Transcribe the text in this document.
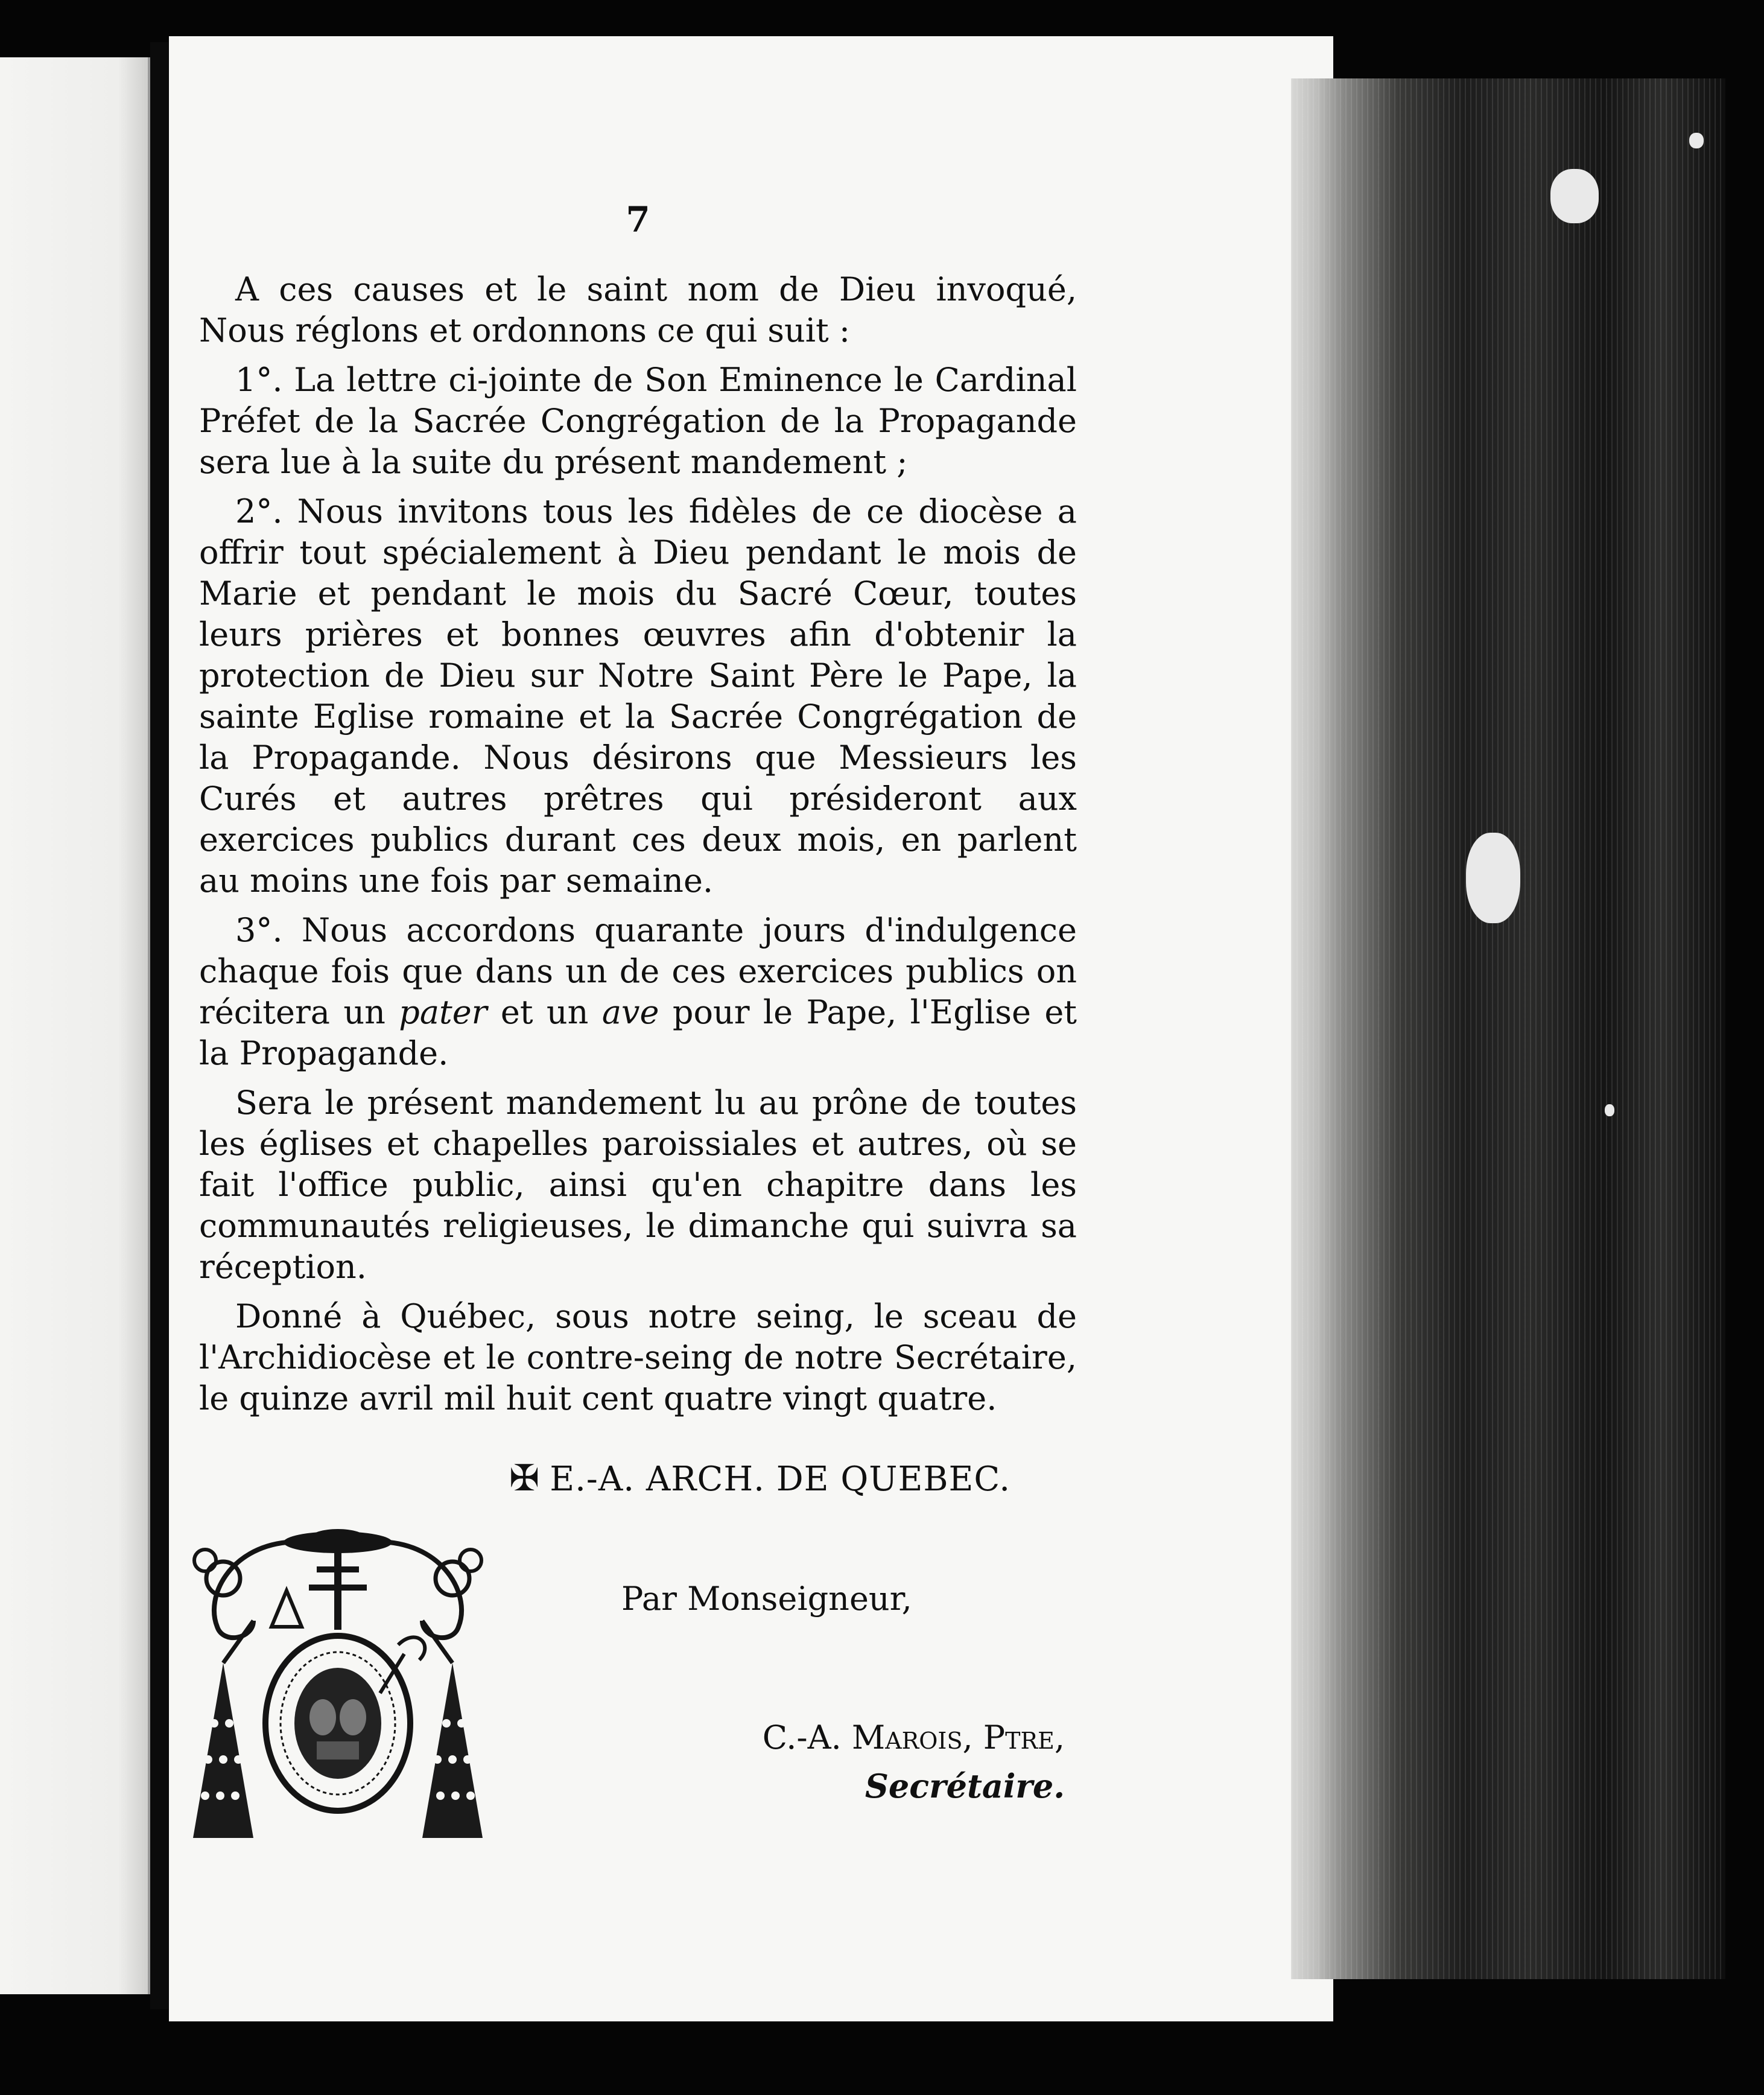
7

A ces causes et le saint nom de Dieu invoqué, Nous réglons et ordonnons ce qui suit :

1°. La lettre ci-jointe de Son Eminence le Cardinal Préfet de la Sacrée Congrégation de la Propagande sera lue à la suite du présent mandement ;

2°. Nous invitons tous les fidèles de ce diocèse a offrir tout spécialement à Dieu pendant le mois de Marie et pendant le mois du Sacré Cœur, toutes leurs prières et bonnes œuvres afin d'obtenir la protection de Dieu sur Notre Saint Père le Pape, la sainte Eglise romaine et la Sacrée Congrégation de la Propagande. Nous désirons que Messieurs les Curés et autres prêtres qui présideront aux exercices publics durant ces deux mois, en parlent au moins une fois par semaine.

3°. Nous accordons quarante jours d'indulgence chaque fois que dans un de ces exercices publics on récitera un pater et un ave pour le Pape, l'Eglise et la Propagande.

Sera le présent mandement lu au prône de toutes les églises et chapelles paroissiales et autres, où se fait l'office public, ainsi qu'en chapitre dans les communautés religieuses, le dimanche qui suivra sa réception.

Donné à Québec, sous notre seing, le sceau de l'Archidiocèse et le contre-seing de notre Secrétaire, le quinze avril mil huit cent quatre vingt quatre.

✠ E.-A. ARCH. DE QUEBEC.
Par Monseigneur,
C.-A. Marois, Ptre,
Secrétaire.
